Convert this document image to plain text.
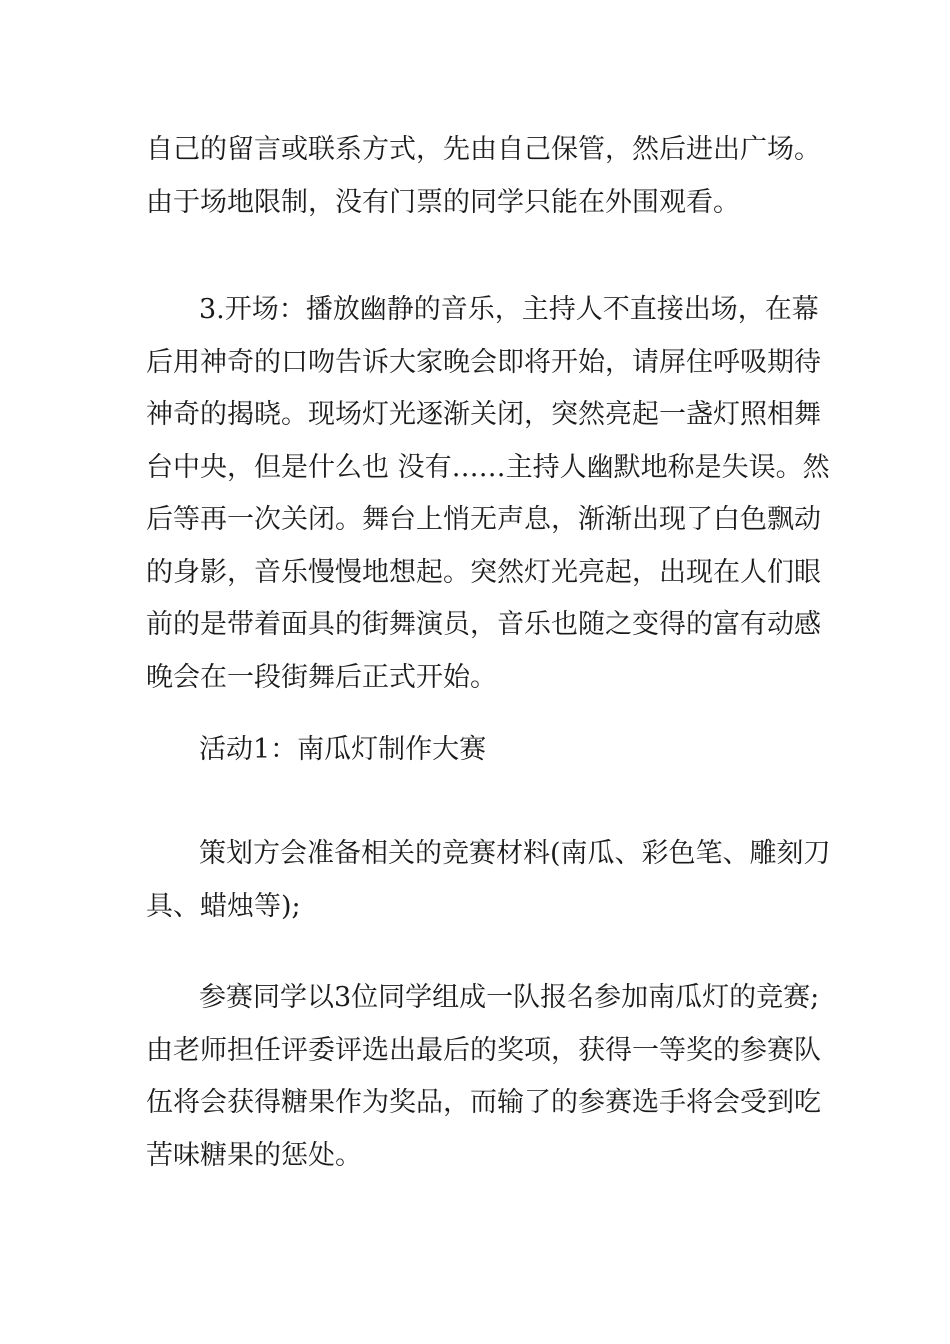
自己的留言或联系方式，先由自己保管，然后进出广场。
由于场地限制，没有门票的同学只能在外围观看。

3.开场：播放幽静的音乐，主持人不直接出场，在幕
后用神奇的口吻告诉大家晚会即将开始，请屏住呼吸期待
神奇的揭晓。现场灯光逐渐关闭，突然亮起一盏灯照相舞
台中央，但是什么也 没有……主持人幽默地称是失误。然
后等再一次关闭。舞台上悄无声息，渐渐出现了白色飘动
的身影，音乐慢慢地想起。突然灯光亮起，出现在人们眼
前的是带着面具的街舞演员，音乐也随之变得的富有动感
晚会在一段街舞后正式开始。

活动1：南瓜灯制作大赛

策划方会准备相关的竞赛材料(南瓜、彩色笔、雕刻刀
具、蜡烛等);

参赛同学以3位同学组成一队报名参加南瓜灯的竞赛;
由老师担任评委评选出最后的奖项，获得一等奖的参赛队
伍将会获得糖果作为奖品，而输了的参赛选手将会受到吃
苦味糖果的惩处。
